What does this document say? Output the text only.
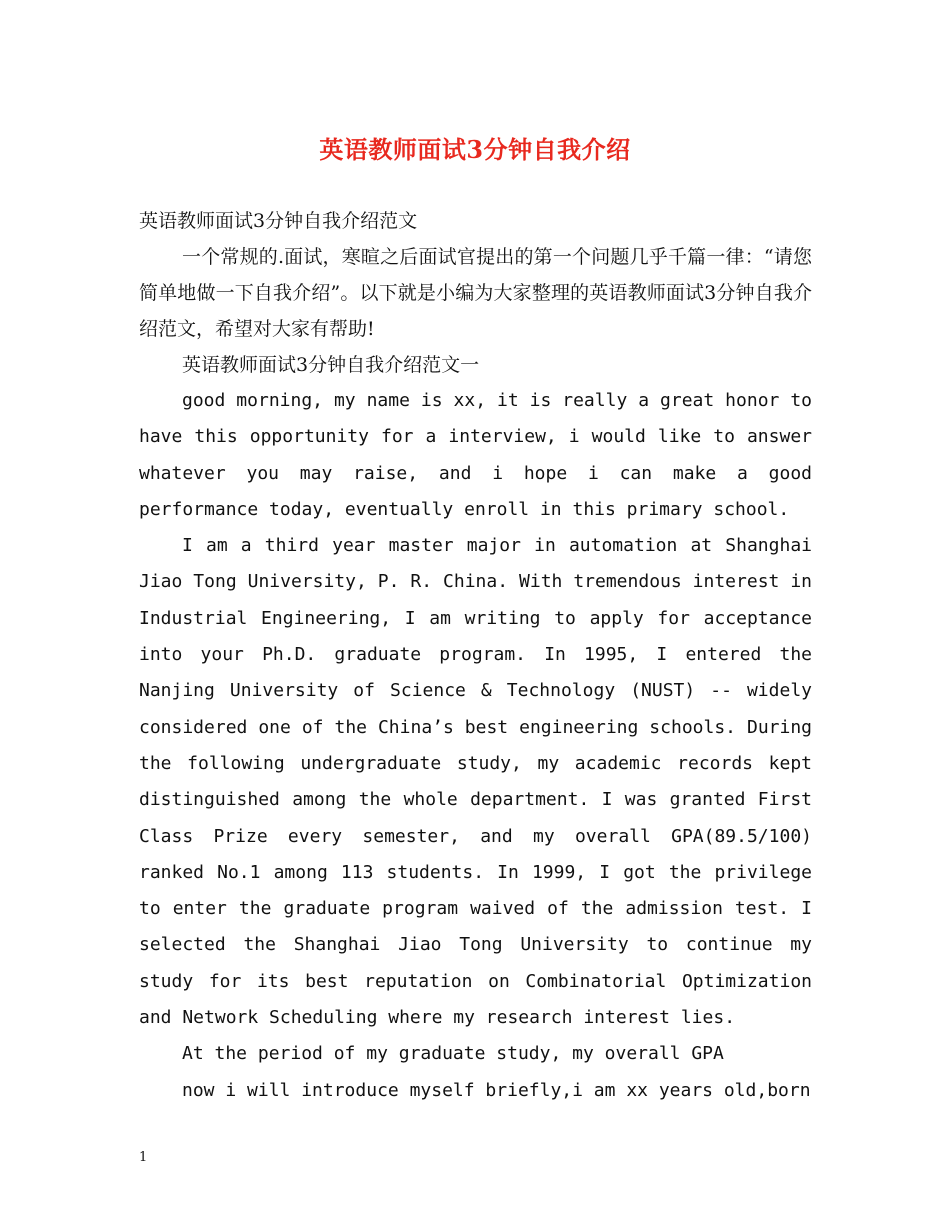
英语教师面试3分钟自我介绍
英语教师面试3分钟自我介绍范文

一个常规的.面试，寒暄之后面试官提出的第一个问题几乎千篇一律：“请您简单地做一下自我介绍”。以下就是小编为大家整理的英语教师面试3分钟自我介绍范文，希望对大家有帮助!

英语教师面试3分钟自我介绍范文一

good morning, my name is xx, it is really a great honor to have this opportunity for a interview, i would like to answer whatever you may raise, and i hope i can make a good performance today, eventually enroll in this primary school.

I am a third year master major in automation at Shanghai Jiao Tong University, P. R. China. With tremendous interest in Industrial Engineering, I am writing to apply for acceptance into your Ph.D. graduate program. In 1995, I entered the Nanjing University of Science & Technology (NUST) -- widely considered one of the China’s best engineering schools. During the following undergraduate study, my academic records kept distinguished among the whole department. I was granted First Class Prize every semester, and my overall GPA(89.5/100) ranked No.1 among 113 students. In 1999, I got the privilege to enter the graduate program waived of the admission test. I selected the Shanghai Jiao Tong University to continue my study for its best reputation on Combinatorial Optimization and Network Scheduling where my research interest lies.

At the period of my graduate study, my overall GPA

now i will introduce myself briefly,i am xx years old,born

1
